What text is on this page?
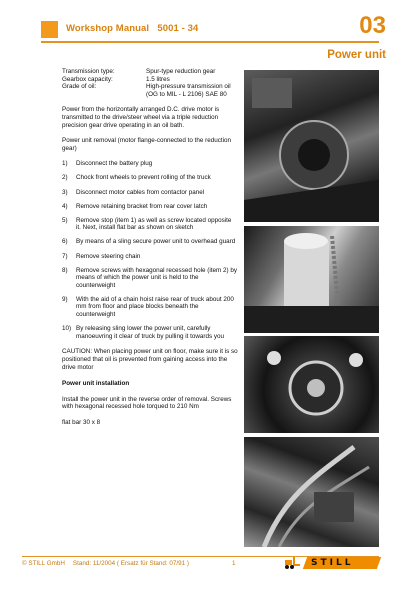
Workshop Manual   5001 - 34	03
Power unit
Transmission type:	Spur-type reduction gear
Gearbox capacity:	1.5 litres
Grade of oil:	High-pressure transmission oil (OG to MIL - L 2106) SAE 80

Power from the horizontally arranged D.C. drive motor is transmitted to the drive/steer wheel via a triple reduction precision gear drive operating in an oil bath.

Power unit removal (motor flange-connected to the reduction gear)

1)	Disconnect the battery plug
2)	Chock front wheels to prevent rolling of the truck
3)	Disconnect motor cables from contactor panel
4)	Remove retaining bracket from rear cover latch
5)	Remove stop (item 1) as well as screw located opposite it. Next, install flat bar as shown on sketch
6)	By means of a sling secure power unit to overhead guard
7)	Remove steering chain
8)	Remove screws with hexagonal recessed hole (item 2) by means of which the power unit is held to the counterweight
9)	With the aid of a chain hoist raise rear of truck about 200 mm from floor and place blocks beneath the counterweight
10) By releasing sling lower the power unit, carefully manoeuvring it clear of truck by pulling it towards you

CAUTION: When placing power unit on floor, make sure it is so positioned that oil is prevented from gaining access into the drive motor

Power unit installation

Install the power unit in the reverse order of removal. Screws with hexagonal recessed hole torqued to 210 Nm

flat bar 30 x 8

© STILL GmbH Stand: 11/2004 ( Ersatz für Stand: 07/91 )	1	STILL
